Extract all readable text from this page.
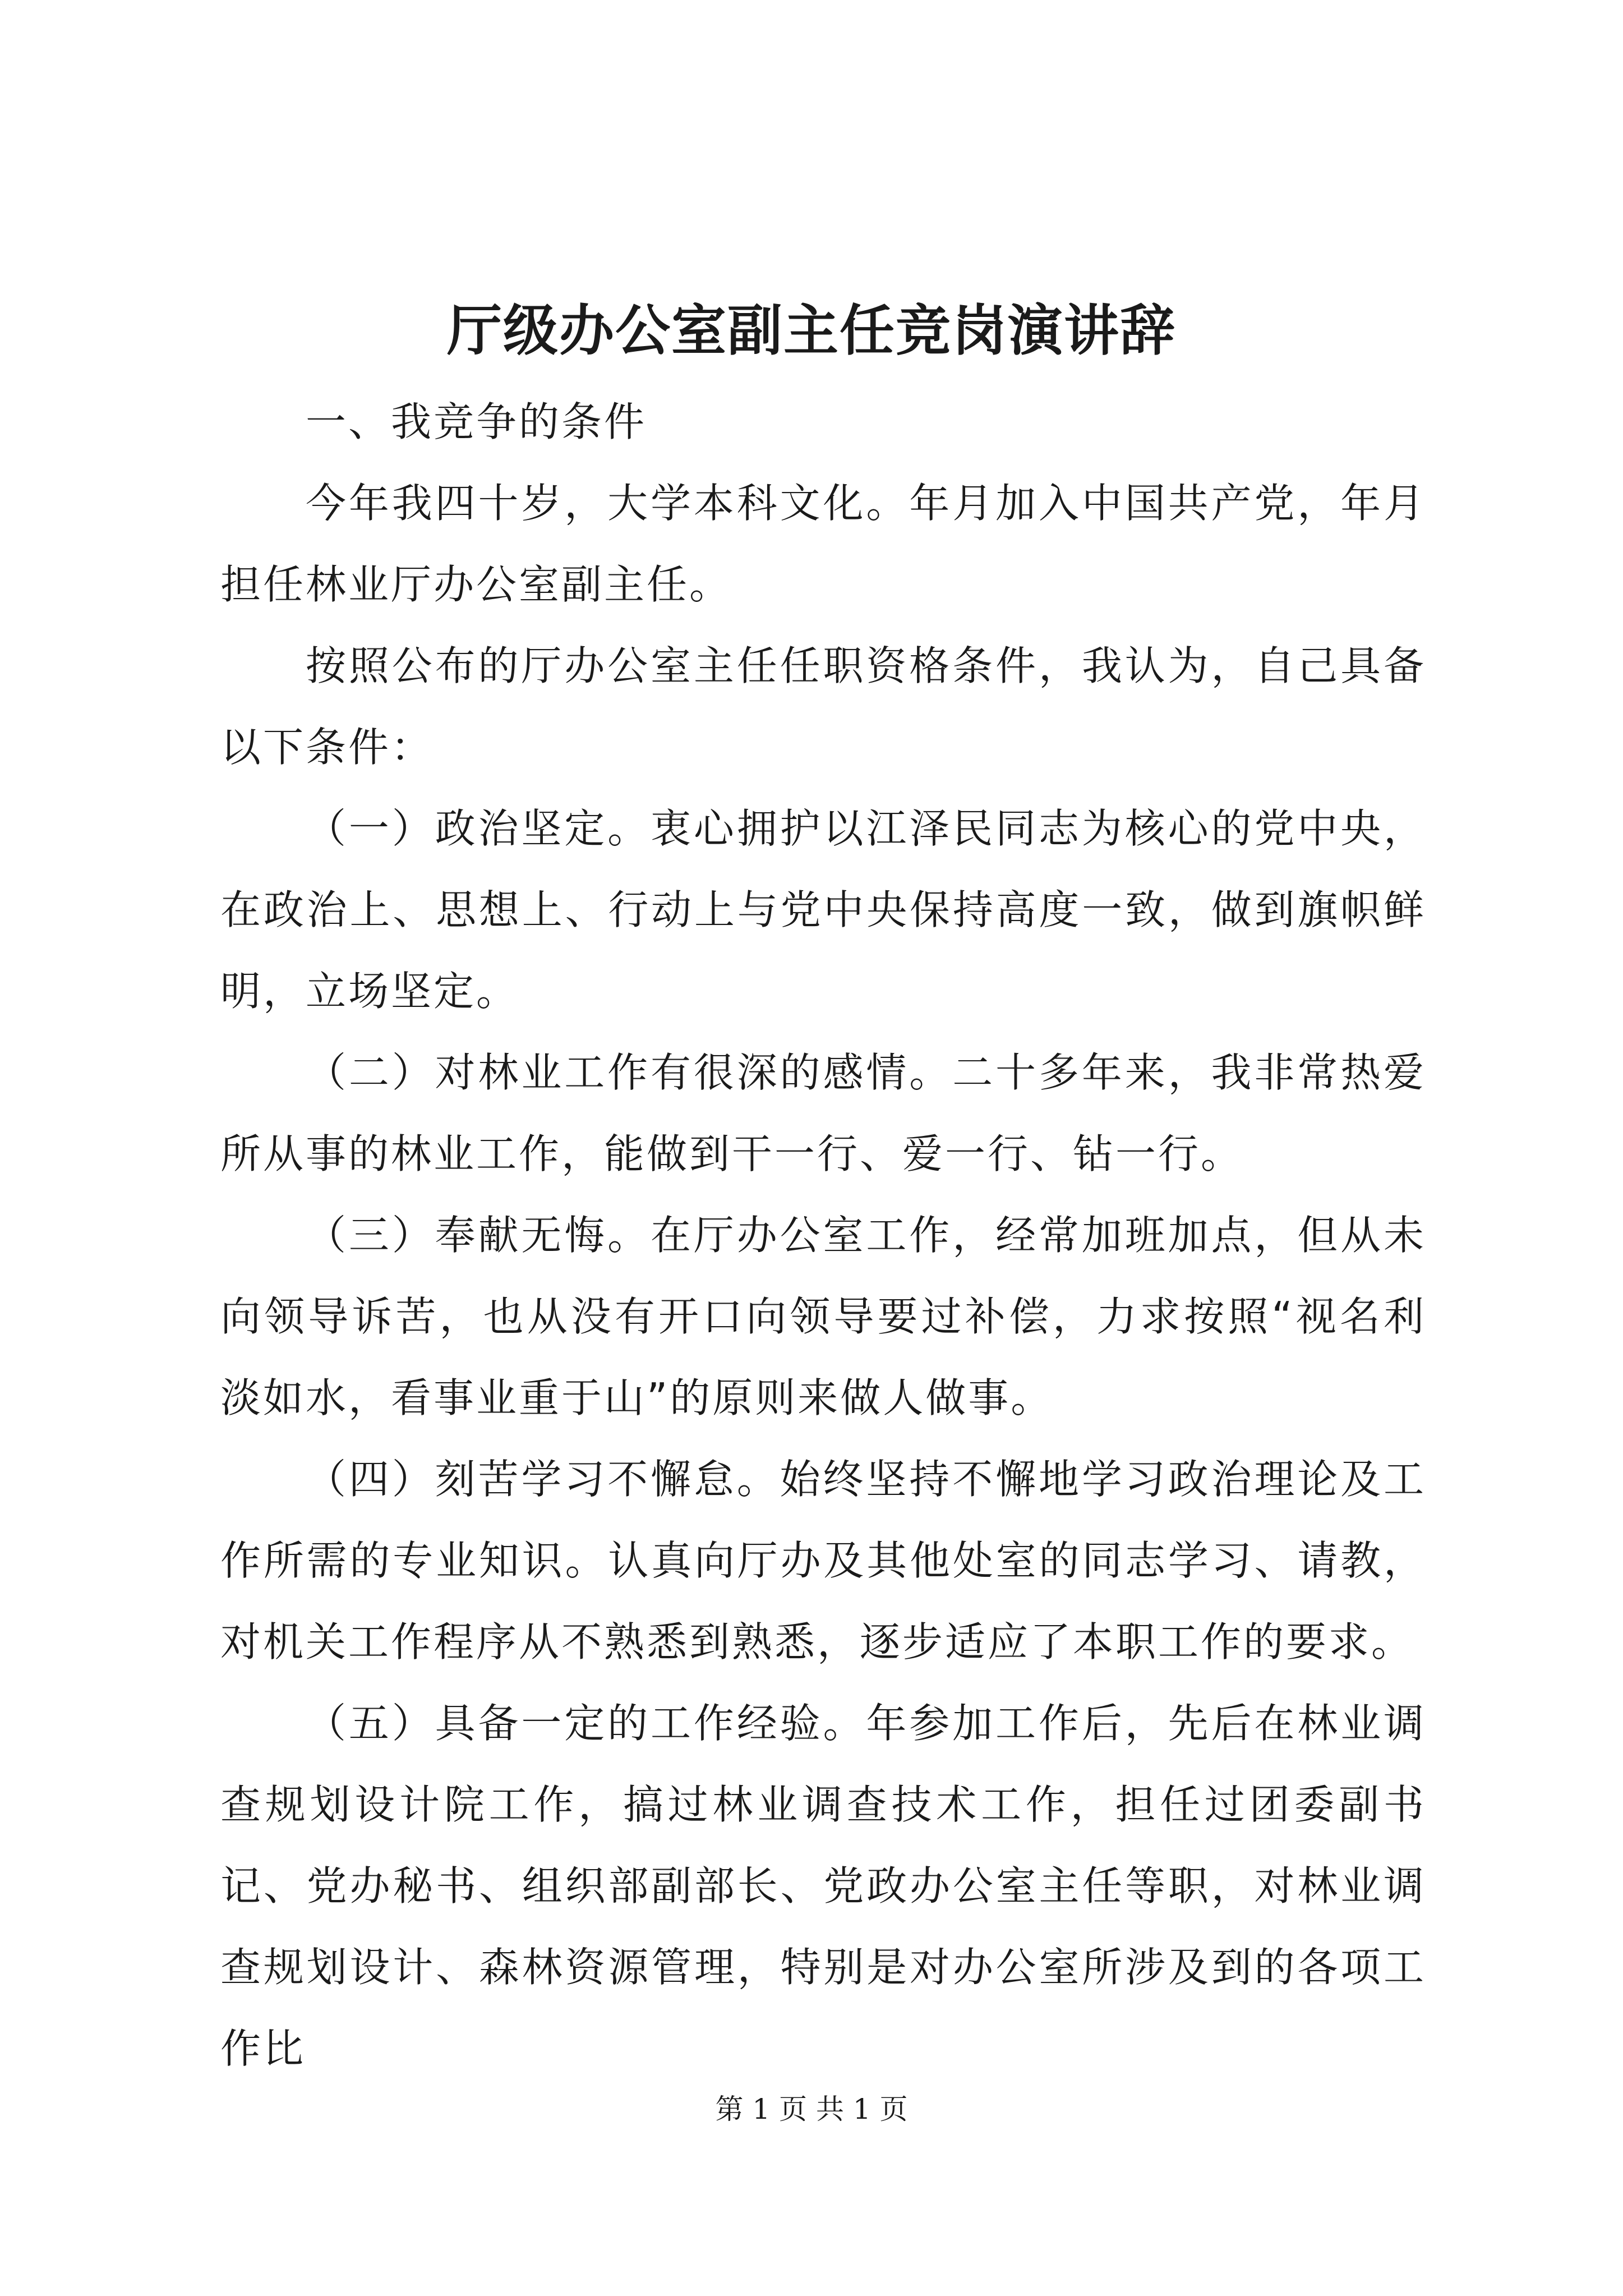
厅级办公室副主任竞岗演讲辞

一、我竞争的条件

今年我四十岁，大学本科文化。年月加入中国共产党，年月担任林业厅办公室副主任。

按照公布的厅办公室主任任职资格条件，我认为，自己具备以下条件：

（一）政治坚定。衷心拥护以江泽民同志为核心的党中央，在政治上、思想上、行动上与党中央保持高度一致，做到旗帜鲜明，立场坚定。

（二）对林业工作有很深的感情。二十多年来，我非常热爱所从事的林业工作，能做到干一行、爱一行、钻一行。

（三）奉献无悔。在厅办公室工作，经常加班加点，但从未向领导诉苦，也从没有开口向领导要过补偿，力求按照“视名利淡如水，看事业重于山”的原则来做人做事。

（四）刻苦学习不懈怠。始终坚持不懈地学习政治理论及工作所需的专业知识。认真向厅办及其他处室的同志学习、请教，对机关工作程序从不熟悉到熟悉，逐步适应了本职工作的要求。

（五）具备一定的工作经验。年参加工作后，先后在林业调查规划设计院工作，搞过林业调查技术工作，担任过团委副书记、党办秘书、组织部副部长、党政办公室主任等职，对林业调查规划设计、森林资源管理，特别是对办公室所涉及到的各项工作比

第 1 页 共 1 页
